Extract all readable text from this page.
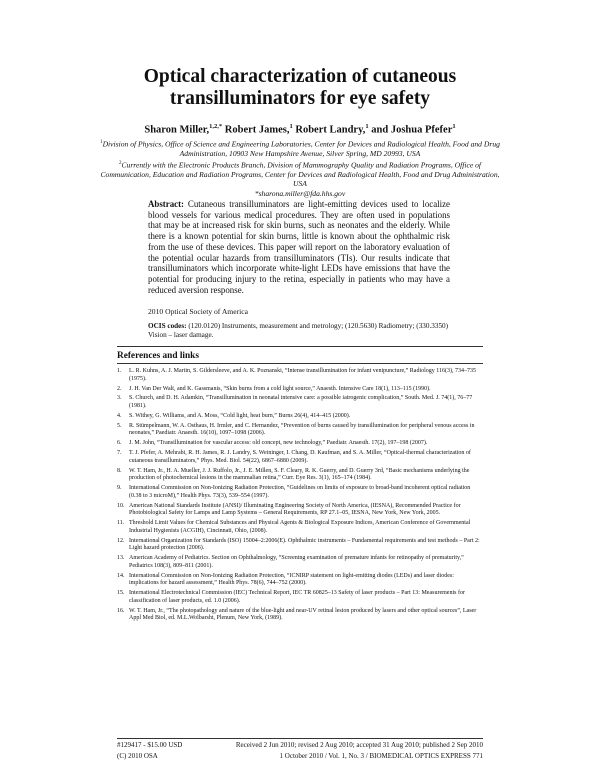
Optical characterization of cutaneous
transilluminators for eye safety
Sharon Miller,$^{1,2,*}$ Robert James,$^1$ Robert Landry,$^1$ and Joshua Pfefer$^1$

$^1$Division of Physics, Office of Science and Engineering Laboratories, Center for Devices and Radiological Health, Food and Drug Administration, 10903 New Hampshire Avenue, Silver Spring, MD 20993, USA

$^2$Currently with the Electronic Products Branch, Division of Mammography Quality and Radiation Programs, Office of Communication, Education and Radiation Programs, Center for Devices and Radiological Health, Food and Drug Administration, USA

*sharona.miller@fda.hhs.gov

Abstract: Cutaneous transilluminators are light-emitting devices used to localize blood vessels for various medical procedures. They are often used in populations that may be at increased risk for skin burns, such as neonates and the elderly. While there is a known potential for skin burns, little is known about the ophthalmic risk from the use of these devices. This paper will report on the laboratory evaluation of the potential ocular hazards from transilluminators (TIs). Our results indicate that transilluminators which incorporate white-light LEDs have emissions that have the potential for producing injury to the retina, especially in patients who may have a reduced aversion response.

2010 Optical Society of America
OCIS codes: (120.0120) Instruments, measurement and metrology; (120.5630) Radiometry; (330.3350) Vision – laser damage.
References and links
1. L. R. Kuhns, A. J. Martin, S. Gildersleeve, and A. K. Poznanski, “Intense transillumination for infant venipuncture,” Radiology 116(3), 734–735 (1975).
2. J. H. Van Der Walt, and K. Gassmanis, “Skin burns from a cold light source,” Anaesth. Intensive Care 18(1), 113–115 (1990).
3. S. Church, and D. H. Adamkin, “Transillumination in neonatal intensive care: a possible iatrogenic complication,” South. Med. J. 74(1), 76–77 (1981).
4. S. Withey, G. Williams, and A. Moss, “Cold light, heat burn,” Burns 26(4), 414–415 (2000).
5. R. Stümpelmann, W. A. Osthaus, H. Irmler, and C. Hernandez, “Prevention of burns caused by transillumination for peripheral venous access in neonates,” Paediatr. Anaesth. 16(10), 1097–1098 (2006).
6. J. M. John, “Transillumination for vascular access: old concept, new technology,” Paediatr. Anaesth. 17(2), 197–198 (2007).
7. T. J. Pfefer, A. Mehrabi, R. H. James, R. J. Landry, S. Weininger, I. Chang, D. Kaufman, and S. A. Miller, “Optical-thermal characterization of cutaneous transilluminators,” Phys. Med. Biol. 54(22), 6867–6880 (2009).
8. W. T. Ham, Jr., H. A. Mueller, J. J. Ruffolo, Jr., J. E. Millen, S. F. Cleary, R. K. Guerry, and D. Guerry 3rd, “Basic mechanisms underlying the production of photochemical lesions in the mammalian retina,” Curr. Eye Res. 3(1), 165–174 (1984).
9. International Commission on Non-Ionizing Radiation Protection, “Guidelines on limits of exposure to broad-band incoherent optical radiation (0.38 to 3 microM),” Health Phys. 73(3), 539–554 (1997).
10. American National Standards Institute (ANSI)/ Illuminating Engineering Society of North America, (IESNA), Recommended Practice for Photobiological Safety for Lamps and Lamp Systems – General Requirements, RP 27.1–05, IESNA, New York, New York, 2005.
11. Threshold Limit Values for Chemical Substances and Physical Agents & Biological Exposure Indices, American Conference of Governmental Industrial Hygienists (ACGIH), Cincinnati, Ohio, (2008).
12. International Organization for Standards (ISO) 15004–2:2006(E). Ophthalmic instruments – Fundamental requirements and test methods – Part 2: Light hazard protection (2006).
13. American Academy of Pediatrics. Section on Ophthalmology, “Screening examination of premature infants for retinopathy of prematurity,” Pediatrics 108(3), 809–811 (2001).
14. International Commission on Non-Ionizing Radiation Protection, “ICNIRP statement on light-emitting diodes (LEDs) and laser diodes: implications for hazard assessment,” Health Phys. 78(6), 744–752 (2000).
15. International Electrotechnical Commission (IEC) Technical Report, IEC TR 60825–13 Safety of laser products – Part 13: Measurements for classification of laser products, ed. 1.0 (2006).
16. W. T. Ham, Jr., “The photopathology and nature of the blue-light and near-UV retinal lesion produced by lasers and other optical sources”, Laser Appl Med Biol, ed. M.L.Wolbarsht, Plenum, New York, (1989).
#129417 - $15.00 USD	Received 2 Jun 2010; revised 2 Aug 2010; accepted 31 Aug 2010; published 2 Sep 2010
(C) 2010 OSA	1 October 2010 / Vol. 1, No. 3 / BIOMEDICAL OPTICS EXPRESS 771
